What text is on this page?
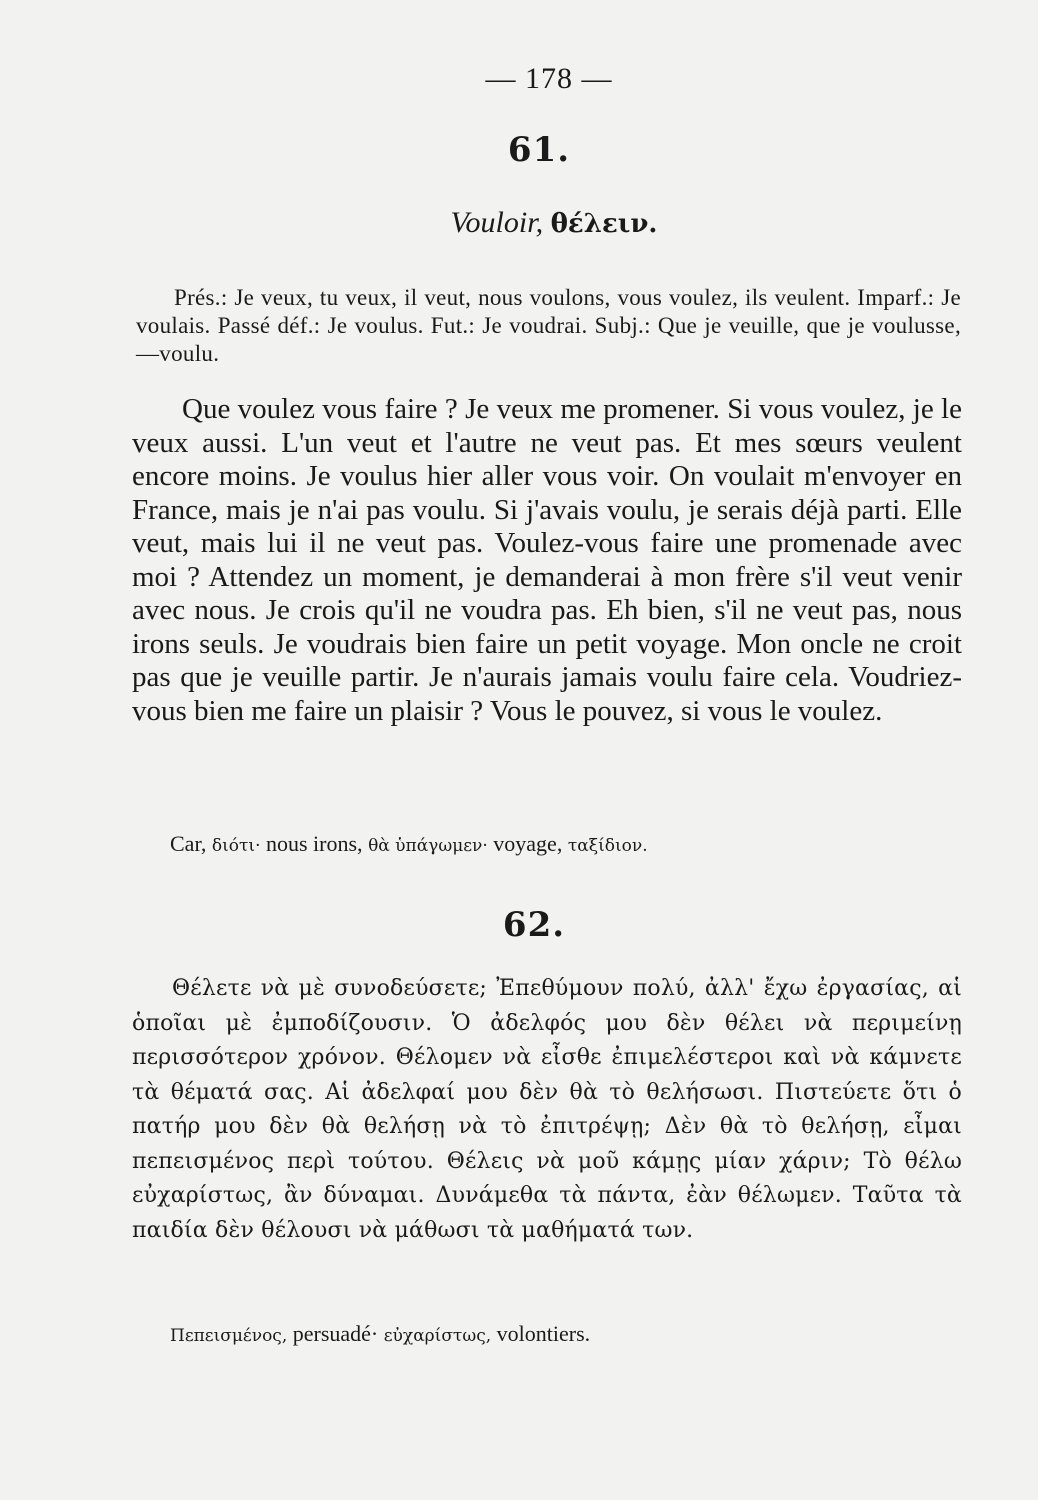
— 178 —
61.
Vouloir, θέλειν.

Prés.: Je veux, tu veux, il veut, nous voulons, vous voulez, ils veulent. Imparf.: Je voulais. Passé déf.: Je voulus. Fut.: Je voudrai. Subj.: Que je veuille, que je voulusse,—voulu.

Que voulez vous faire ? Je veux me promener. Si vous voulez, je le veux aussi. L'un veut et l'autre ne veut pas. Et mes sœurs veulent encore moins. Je voulus hier aller vous voir. On voulait m'envoyer en France, mais je n'ai pas voulu. Si j'avais voulu, je serais déjà parti. Elle veut, mais lui il ne veut pas. Voulez-vous faire une promenade avec moi ? Attendez un moment, je demanderai à mon frère s'il veut venir avec nous. Je crois qu'il ne voudra pas. Eh bien, s'il ne veut pas, nous irons seuls. Je voudrais bien faire un petit voyage. Mon oncle ne croit pas que je veuille partir. Je n'aurais jamais voulu faire cela. Voudriez-vous bien me faire un plaisir ? Vous le pouvez, si vous le voulez.

Car, διότι· nous irons, θὰ ὑπάγωμεν· voyage, ταξίδιον.
62.

Θέλετε νὰ μὲ συνοδεύσετε; Ἐπεθύμουν πολύ, ἀλλ' ἔχω ἐργασίας, αἱ ὁποῖαι μὲ ἐμποδίζουσιν. Ὁ ἀδελφός μου δὲν θέλει νὰ περιμείνῃ περισσότερον χρόνον. Θέλομεν νὰ εἶσθε ἐπιμελέστεροι καὶ νὰ κάμνετε τὰ θέματά σας. Αἱ ἀδελφαί μου δὲν θὰ τὸ θελήσωσι. Πιστεύετε ὅτι ὁ πατήρ μου δὲν θὰ θελήσῃ νὰ τὸ ἐπιτρέψῃ; Δὲν θὰ τὸ θελήσῃ, εἶμαι πεπεισμένος περὶ τούτου. Θέλεις νὰ μοῦ κάμῃς μίαν χάριν; Τὸ θέλω εὐχαρίστως, ἂν δύναμαι. Δυνάμεθα τὰ πάντα, ἐὰν θέλωμεν. Ταῦτα τὰ παιδία δὲν θέλουσι νὰ μάθωσι τὰ μαθήματά των.

Πεπεισμένος, persuadé· εὐχαρίστως, volontiers.
